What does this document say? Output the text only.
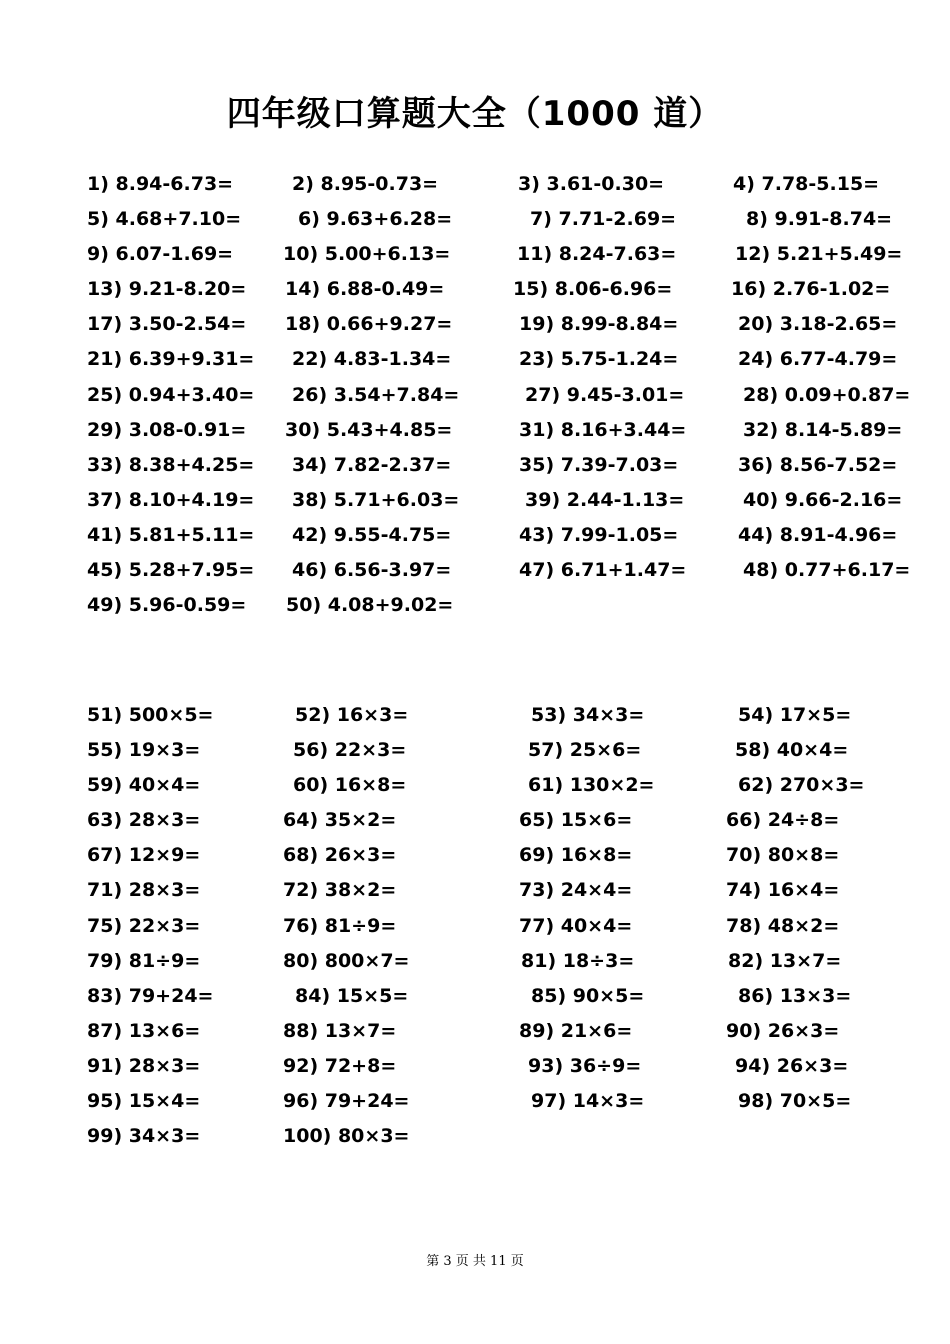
四年级口算题大全（1000 道）
1) 8.94-6.73=	2) 8.95-0.73=	3) 3.61-0.30=	4) 7.78-5.15=
5) 4.68+7.10=	6) 9.63+6.28=	7) 7.71-2.69=	8) 9.91-8.74=
9) 6.07-1.69=	10) 5.00+6.13=	11) 8.24-7.63=	12) 5.21+5.49=
13) 9.21-8.20= 14) 6.88-0.49=	15) 8.06-6.96=	16) 2.76-1.02=
17) 3.50-2.54= 18) 0.66+9.27=	19) 8.99-8.84=	20) 3.18-2.65=
21) 6.39+9.31= 22) 4.83-1.34=	23) 5.75-1.24=	24) 6.77-4.79=
25) 0.94+3.40= 26) 3.54+7.84=	27) 9.45-3.01=	28) 0.09+0.87=
29) 3.08-0.91= 30) 5.43+4.85=	31) 8.16+3.44=	32) 8.14-5.89=
33) 8.38+4.25= 34) 7.82-2.37=	35) 7.39-7.03=	36) 8.56-7.52=
37) 8.10+4.19= 38) 5.71+6.03=	39) 2.44-1.13=	40) 9.66-2.16=
41) 5.81+5.11= 42) 9.55-4.75=	43) 7.99-1.05=	44) 8.91-4.96=
45) 5.28+7.95= 46) 6.56-3.97=	47) 6.71+1.47=	48) 0.77+6.17=
49) 5.96-0.59= 50) 4.08+9.02=
51) 500×5=	52) 16×3=	53) 34×3=	54) 17×5=
55) 19×3=	56) 22×3=	57) 25×6=	58) 40×4=
59) 40×4=	60) 16×8=	61) 130×2=	62) 270×3=
63) 28×3=	64) 35×2=	65) 15×6=	66) 24÷8=
67) 12×9=	68) 26×3=	69) 16×8=	70) 80×8=
71) 28×3=	72) 38×2=	73) 24×4=	74) 16×4=
75) 22×3=	76) 81÷9=	77) 40×4=	78) 48×2=
79) 81÷9=	80) 800×7=	81) 18÷3=	82) 13×7=
83) 79+24=	84) 15×5=	85) 90×5=	86) 13×3=
87) 13×6=	88) 13×7=	89) 21×6=	90) 26×3=
91) 28×3=	92) 72+8=	93) 36÷9=	94) 26×3=
95) 15×4=	96) 79+24=	97) 14×3=	98) 70×5=
99) 34×3=	100) 80×3=
第 3 页 共 11 页
